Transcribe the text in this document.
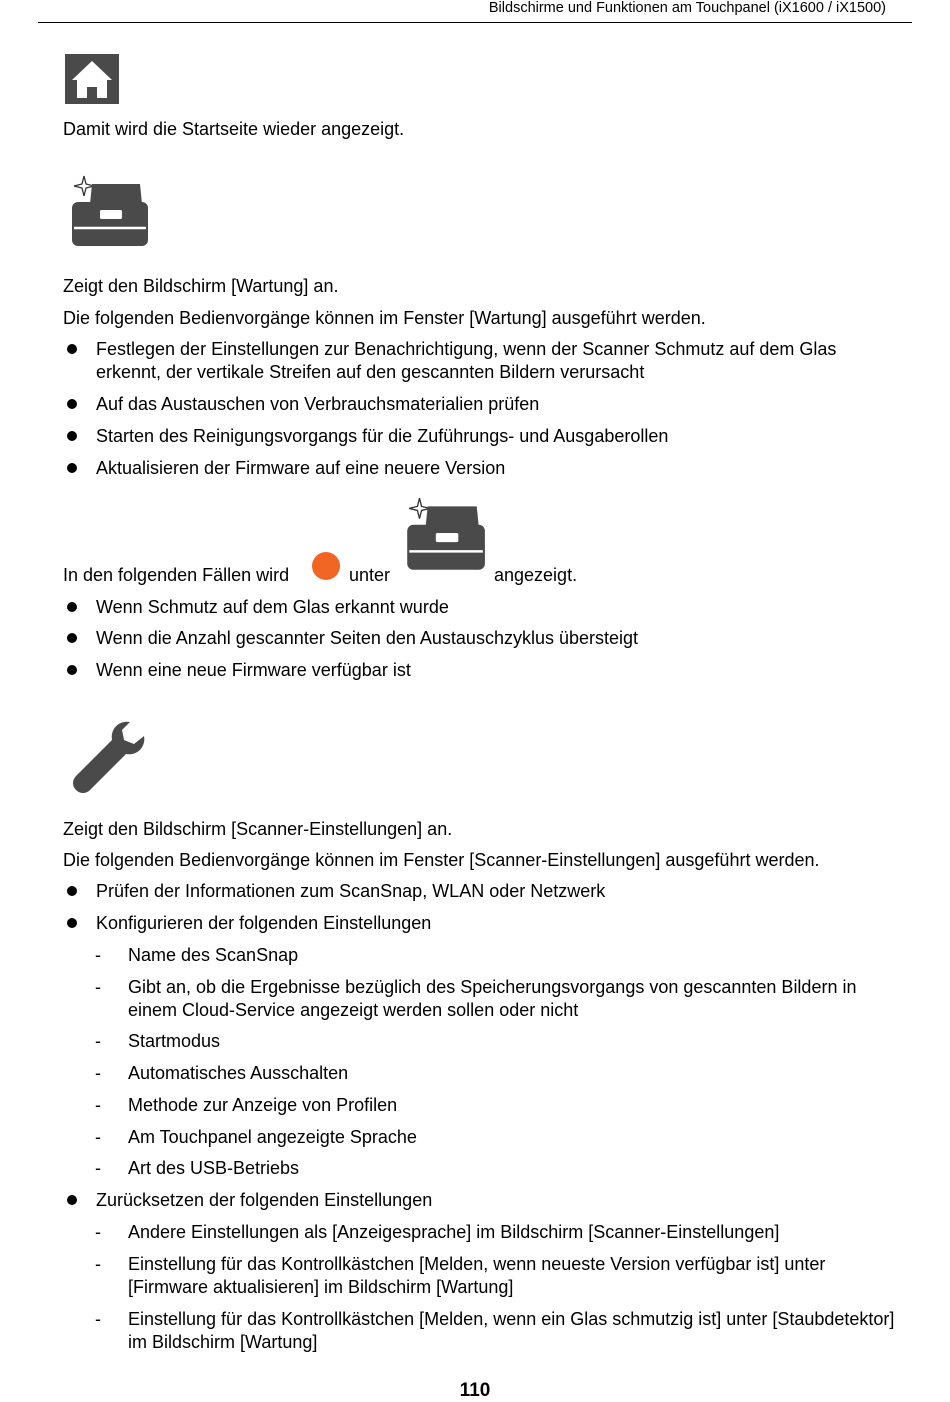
Bildschirme und Funktionen am Touchpanel (iX1600 / iX1500)
Damit wird die Startseite wieder angezeigt.
Zeigt den Bildschirm [Wartung] an.
Die folgenden Bedienvorgänge können im Fenster [Wartung] ausgeführt werden.
Festlegen der Einstellungen zur Benachrichtigung, wenn der Scanner Schmutz auf dem Glas erkennt, der vertikale Streifen auf den gescannten Bildern verursacht
Auf das Austauschen von Verbrauchsmaterialien prüfen
Starten des Reinigungsvorgangs für die Zuführungs- und Ausgaberollen
Aktualisieren der Firmware auf eine neuere Version
In den folgenden Fällen wird	unter	angezeigt.
Wenn Schmutz auf dem Glas erkannt wurde
Wenn die Anzahl gescannter Seiten den Austauschzyklus übersteigt
Wenn eine neue Firmware verfügbar ist
Zeigt den Bildschirm [Scanner-Einstellungen] an.
Die folgenden Bedienvorgänge können im Fenster [Scanner-Einstellungen] ausgeführt werden.
Prüfen der Informationen zum ScanSnap, WLAN oder Netzwerk
Konfigurieren der folgenden Einstellungen
- Name des ScanSnap
- Gibt an, ob die Ergebnisse bezüglich des Speicherungsvorgangs von gescannten Bildern in einem Cloud-Service angezeigt werden sollen oder nicht
- Startmodus
- Automatisches Ausschalten
- Methode zur Anzeige von Profilen
- Am Touchpanel angezeigte Sprache
- Art des USB-Betriebs
Zurücksetzen der folgenden Einstellungen
- Andere Einstellungen als [Anzeigesprache] im Bildschirm [Scanner-Einstellungen]
- Einstellung für das Kontrollkästchen [Melden, wenn neueste Version verfügbar ist] unter [Firmware aktualisieren] im Bildschirm [Wartung]
- Einstellung für das Kontrollkästchen [Melden, wenn ein Glas schmutzig ist] unter [Staubdetektor] im Bildschirm [Wartung]
110
